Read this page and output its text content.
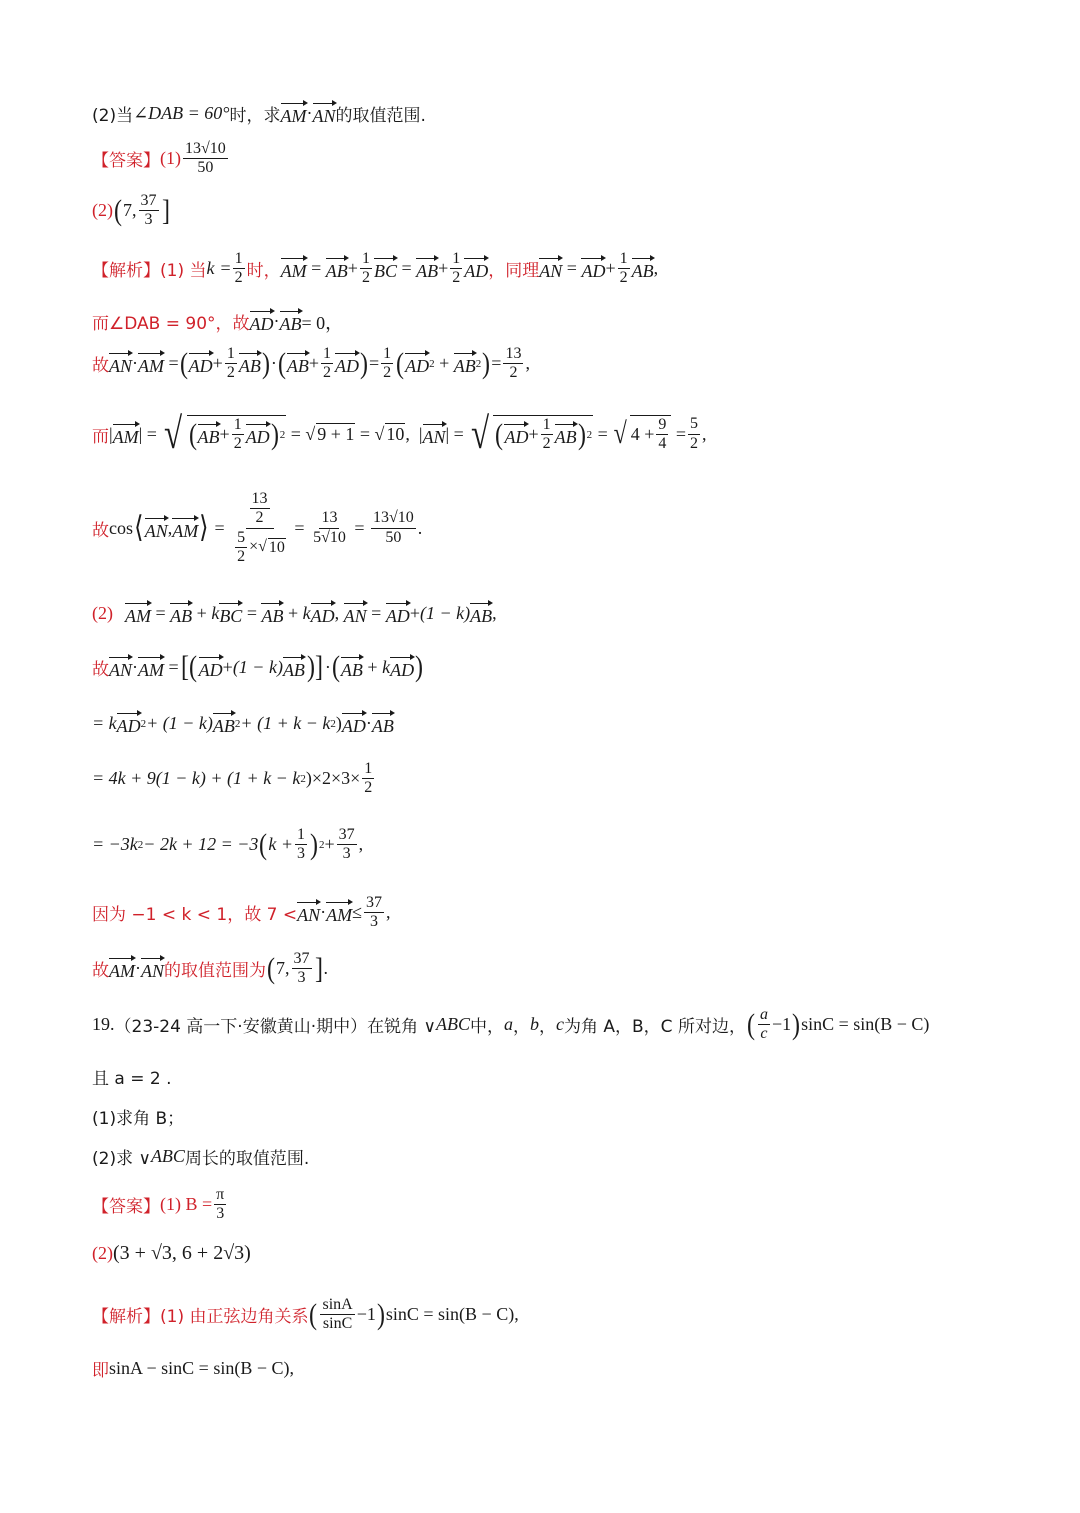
(2)当 ∠DAB = 60° 时，求 AM · AN 的取值范围.
【答案】 $(1) \frac{13√10}{50}$
(2) ( 7, $\frac{37}{3}$ ]
【解析】 (1) 当 $k = \frac{1}{2}$ 时， AM = AB + $\frac{1}{2}$ BC = AB + $\frac{1}{2}$ AD ，同理 AN = AD + $\frac{1}{2}$ AB ,
而∠DAB = 90°，故 AD · AB = 0，
故 AN · AM = ( AD + $\frac{1}{2}$ AB ) · ( AB + $\frac{1}{2}$ AD ) = $\frac{1}{2}$ ( AD 2 + AB 2 ) = $\frac{13}{2}$ ,
而 | AM | = √ ( AB + $\frac{1}{2}$ AD ) 2 = √ 9 + 1 = √ 10 ,  | AN | = √ ( AD + $\frac{1}{2}$ AB ) 2 = √ $4 + \frac{9}{4} = \frac{5}{2}$ ,
故 cos ⟨ AN , AM ⟩ = $\frac{\frac{13}{2}}{\frac{5}{2} \times√ 10} = \frac{13}{5√10} = \frac{13√10}{50}$ .
(2) AM = AB + k BC = AB + k AD , AN = AD + (1 − k) AB ,
故 AN · AM = [( AD + (1 − k) AB )] · ( AB + k AD )
= k AD 2 + (1 − k) AB 2 + (1 + k − k 2 ) AD · AB
= 4k + 9(1 − k) + (1 + k − k 2 )$\times 2\times 3\times \frac{1}{2}$
= −3k 2 − 2k + 12 = −3 ( $k + \frac{1}{3}$ ) $2 + \frac{37}{3}$ ,
因为 −1 < k < 1，故 7 < AN · AM ≤ $\frac{37}{3}$ ,
故 AM · AN 的取值范围为 ( 7, $\frac{37}{3}$ ] .
19. （23-24 高一下·安徽黄山·期中） 在锐角 ∨ ABC 中， a ， b ， c 为角 A，B，C 所对边， ( $\frac{a}{c} -1$ ) sinC = sin(B − C)
且 a = 2 .
(1)求角 B；
(2)求 ∨ ABC 周长的取值范围.
【答案】 (1) $B = \frac{\pi}{3}$
(2) (3 + √3, 6 + 2√3)
【解析】 (1) 由正弦边角关系 ( $\frac{\sin A}{\sin C} -1$ ) sinC = sin(B − C),
即 sinA − sinC = sin(B − C),
